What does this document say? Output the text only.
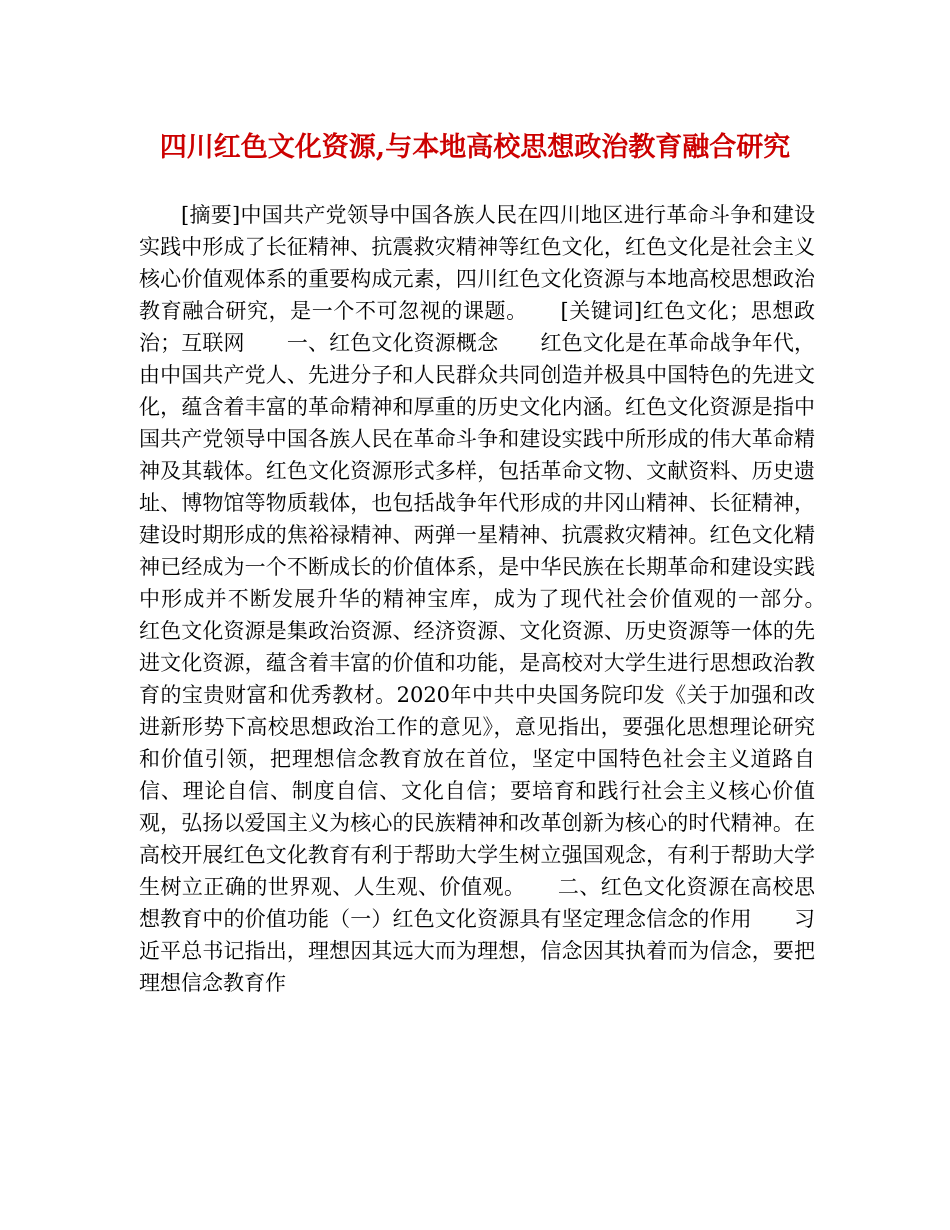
四川红色文化资源,与本地高校思想政治教育融合研究

[摘要]中国共产党领导中国各族人民在四川地区进行革命斗争和建设实践中形成了长征精神、抗震救灾精神等红色文化，红色文化是社会主义核心价值观体系的重要构成元素，四川红色文化资源与本地高校思想政治教育融合研究，是一个不可忽视的课题。　　[关键词]红色文化；思想政治；互联网　　一、红色文化资源概念　　红色文化是在革命战争年代，由中国共产党人、先进分子和人民群众共同创造并极具中国特色的先进文化，蕴含着丰富的革命精神和厚重的历史文化内涵。红色文化资源是指中国共产党领导中国各族人民在革命斗争和建设实践中所形成的伟大革命精神及其载体。红色文化资源形式多样，包括革命文物、文献资料、历史遗址、博物馆等物质载体，也包括战争年代形成的井冈山精神、长征精神，建设时期形成的焦裕禄精神、两弹一星精神、抗震救灾精神。红色文化精神已经成为一个不断成长的价值体系，是中华民族在长期革命和建设实践中形成并不断发展升华的精神宝库，成为了现代社会价值观的一部分。　　红色文化资源是集政治资源、经济资源、文化资源、历史资源等一体的先进文化资源，蕴含着丰富的价值和功能，是高校对大学生进行思想政治教育的宝贵财富和优秀教材。2020年中共中央国务院印发《关于加强和改进新形势下高校思想政治工作的意见》，意见指出，要强化思想理论研究和价值引领，把理想信念教育放在首位，坚定中国特色社会主义道路自信、理论自信、制度自信、文化自信；要培育和践行社会主义核心价值观，弘扬以爱国主义为核心的民族精神和改革创新为核心的时代精神。在高校开展红色文化教育有利于帮助大学生树立强国观念，有利于帮助大学生树立正确的世界观、人生观、价值观。　　二、红色文化资源在高校思想教育中的价值功能（一）红色文化资源具有坚定理念信念的作用　　习近平总书记指出，理想因其远大而为理想，信念因其执着而为信念，要把理想信念教育作
